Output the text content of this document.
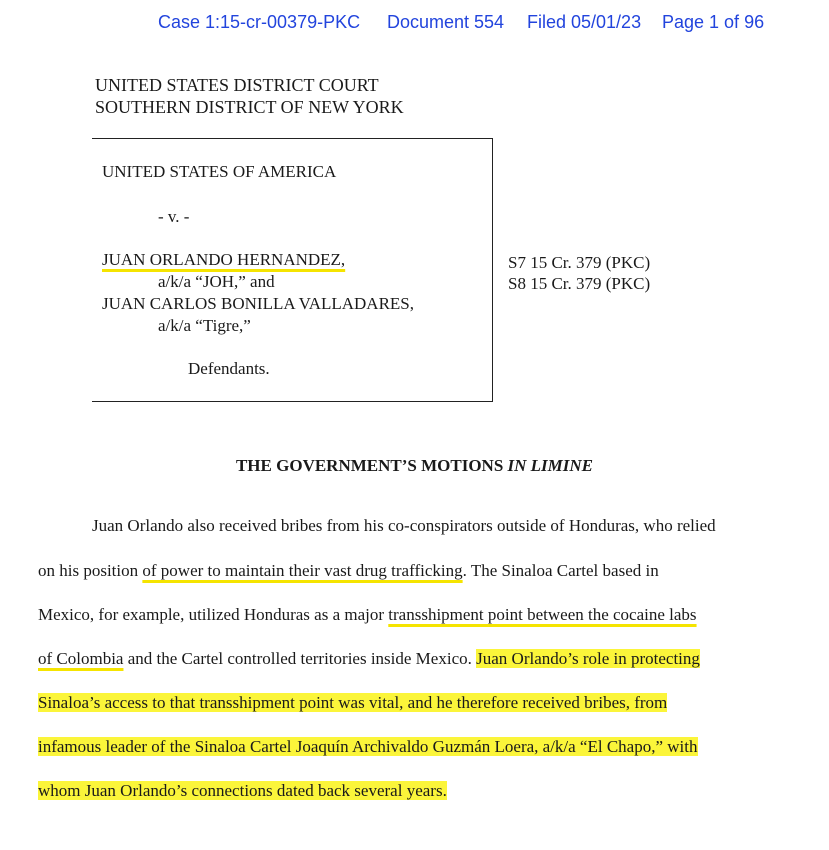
Case 1:15-cr-00379-PKC Document 554 Filed 05/01/23 Page 1 of 96
UNITED STATES DISTRICT COURT
SOUTHERN DISTRICT OF NEW YORK
UNITED STATES OF AMERICA
- v. -
JUAN ORLANDO HERNANDEZ,
a/k/a “JOH,” and
JUAN CARLOS BONILLA VALLADARES,
a/k/a “Tigre,”
Defendants.
S7 15 Cr. 379 (PKC)
S8 15 Cr. 379 (PKC)
THE GOVERNMENT’S MOTIONS IN LIMINE
Juan Orlando also received bribes from his co-conspirators outside of Honduras, who relied
on his position of power to maintain their vast drug trafficking. The Sinaloa Cartel based in
Mexico, for example, utilized Honduras as a major transshipment point between the cocaine labs
of Colombia and the Cartel controlled territories inside Mexico. Juan Orlando’s role in protecting
Sinaloa’s access to that transshipment point was vital, and he therefore received bribes, from
infamous leader of the Sinaloa Cartel Joaquín Archivaldo Guzmán Loera, a/k/a “El Chapo,” with
whom Juan Orlando’s connections dated back several years.
